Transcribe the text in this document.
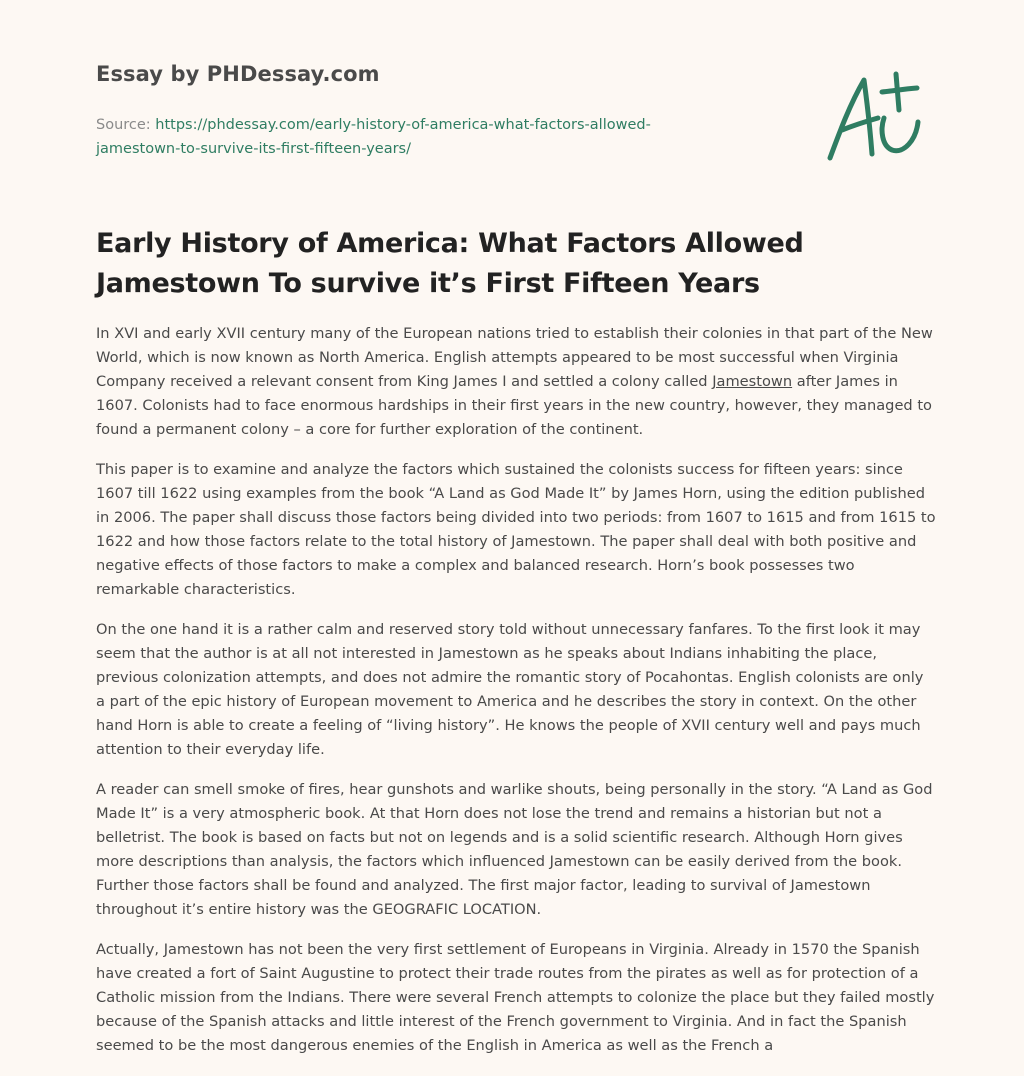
Essay by PHDessay.com
Source: https://phdessay.com/early-history-of-america-what-factors-allowed-
jamestown-to-survive-its-first-fifteen-years/
Early History of America: What Factors Allowed
Jamestown To survive it’s First Fifteen Years

In XVI and early XVII century many of the European nations tried to establish their colonies in that part of the New World, which is now known as North America. English attempts appeared to be most successful when Virginia Company received a relevant consent from King James I and settled a colony called Jamestown after James in 1607. Colonists had to face enormous hardships in their first years in the new country, however, they managed to found a permanent colony – a core for further exploration of the continent.

This paper is to examine and analyze the factors which sustained the colonists success for fifteen years: since 1607 till 1622 using examples from the book “A Land as God Made It” by James Horn, using the edition published in 2006. The paper shall discuss those factors being divided into two periods: from 1607 to 1615 and from 1615 to 1622 and how those factors relate to the total history of Jamestown. The paper shall deal with both positive and negative effects of those factors to make a complex and balanced research. Horn’s book possesses two remarkable characteristics.

On the one hand it is a rather calm and reserved story told without unnecessary fanfares. To the first look it may seem that the author is at all not interested in Jamestown as he speaks about Indians inhabiting the place, previous colonization attempts, and does not admire the romantic story of Pocahontas. English colonists are only a part of the epic history of European movement to America and he describes the story in context. On the other hand Horn is able to create a feeling of “living history”. He knows the people of XVII century well and pays much attention to their everyday life.

A reader can smell smoke of fires, hear gunshots and warlike shouts, being personally in the story. “A Land as God Made It” is a very atmospheric book. At that Horn does not lose the trend and remains a historian but not a belletrist. The book is based on facts but not on legends and is a solid scientific research. Although Horn gives more descriptions than analysis, the factors which influenced Jamestown can be easily derived from the book. Further those factors shall be found and analyzed. The first major factor, leading to survival of Jamestown throughout it’s entire history was the GEOGRAFIC LOCATION.

Actually, Jamestown has not been the very first settlement of Europeans in Virginia. Already in 1570 the Spanish have created a fort of Saint Augustine to protect their trade routes from the pirates as well as for protection of a Catholic mission from the Indians. There were several French attempts to colonize the place but they failed mostly because of the Spanish attacks and little interest of the French government to Virginia. And in fact the Spanish seemed to be the most dangerous enemies of the English in America as well as the French a
